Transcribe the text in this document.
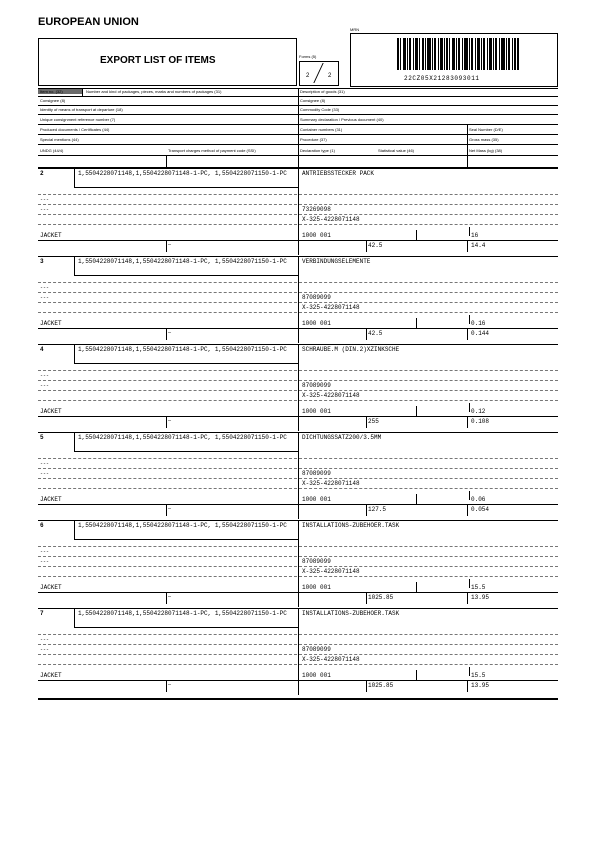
EUROPEAN UNION
EXPORT LIST OF ITEMS	Forms (5)
2	2
MRN
22CZ05X21283093011
Item no. (32)	Number and kind of packages, pieces, marks and numbers of packages (31)	Description of goods (31)
Consignee (8)	Consignee (8)
Identity of means of transport at departure (18)	Commodity Code (33)
Unique consignment reference number (7)	Summary declaration / Previous document (40)
Produced documents / Certificates (44)	Container numbers (31)	Seal Number (D/E)
Special mentions (44)	Procedure (37)	Gross mass (35)
UNDG (44/4)	Transport charges method of payment code (SSI)	Declaration type (1)	Statistical value (46)	Net Mass (kg) (38)
2	1,5504228071148,1,5504228071148-1-PC, 1,5504228071150-1-PC	ANTRIEBSSTECKER PACK
---
---	73269098
X-325-4228071148
JACKET	1000 001	16
—	42.5	14.4
3	1,5504228071148,1,5504228071148-1-PC, 1,5504228071150-1-PC	VERBINDUNGSELEMENTE
---
---	87089099
X-325-4228071148
JACKET	1000 001	0.16
—	42.5	0.144
4	1,5504228071148,1,5504228071148-1-PC, 1,5504228071150-1-PC	SCHRAUBE.M (DIN.2)XZINKSCHE
---
---	87089099
X-325-4228071148
JACKET	1000 001	0.12
—	255	0.108
5	1,5504228071148,1,5504228071148-1-PC, 1,5504228071150-1-PC	DICHTUNGSSATZ200/3.5MM
---
---	87089099
X-325-4228071148
JACKET	1000 001	0.06
—	127.5	0.054
6	1,5504228071148,1,5504228071148-1-PC, 1,5504228071150-1-PC	INSTALLATIONS-ZUBEHOER.TASK
---
---	87089099
X-325-4228071148
JACKET	1000 001	15.5
—	1025.85	13.95
7	1,5504228071148,1,5504228071148-1-PC, 1,5504228071150-1-PC	INSTALLATIONS-ZUBEHOER.TASK
---
---	87089099
X-325-4228071148
JACKET	1000 001	15.5
—	1025.85	13.95
